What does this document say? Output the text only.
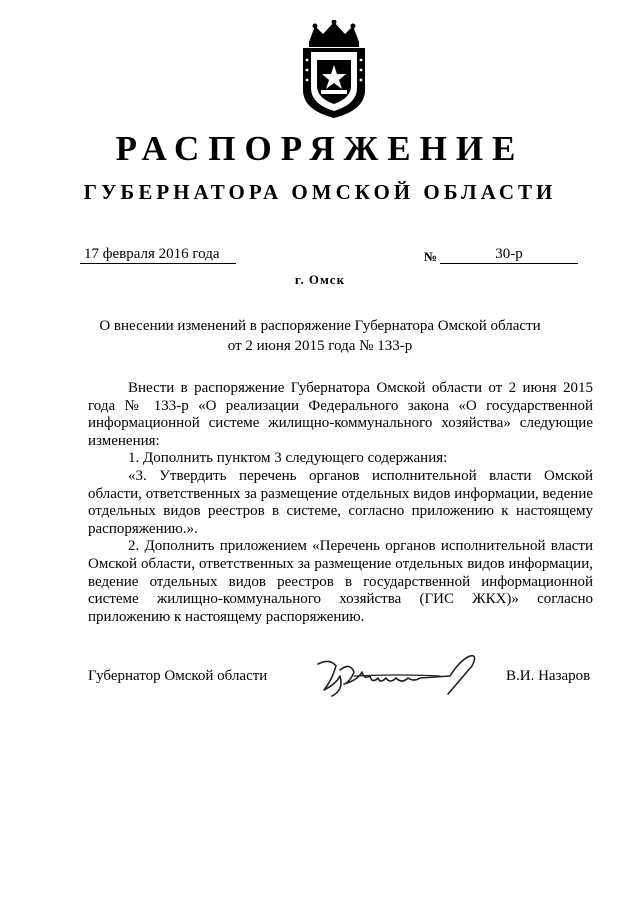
РАСПОРЯЖЕНИЕ
ГУБЕРНАТОРА ОМСКОЙ ОБЛАСТИ
17 февраля 2016 года	№	30-р
г. Омск
О внесении изменений в распоряжение Губернатора Омской области
от 2 июня 2015 года № 133-р

Внести в распоряжение Губернатора Омской области от 2 июня 2015 года № 133-р «О реализации Федерального закона «О государственной информационной системе жилищно-коммунального хозяйства» следующие изменения:

1. Дополнить пунктом 3 следующего содержания:

«3. Утвердить перечень органов исполнительной власти Омской области, ответственных за размещение отдельных видов информации, ведение отдельных видов реестров в системе, согласно приложению к настоящему распоряжению.».

2. Дополнить приложением «Перечень органов исполнительной власти Омской области, ответственных за размещение отдельных видов информации, ведение отдельных видов реестров в государственной информационной системе жилищно-коммунального хозяйства (ГИС ЖКХ)» согласно приложению к настоящему распоряжению.

Губернатор Омской области	В.И. Назаров
